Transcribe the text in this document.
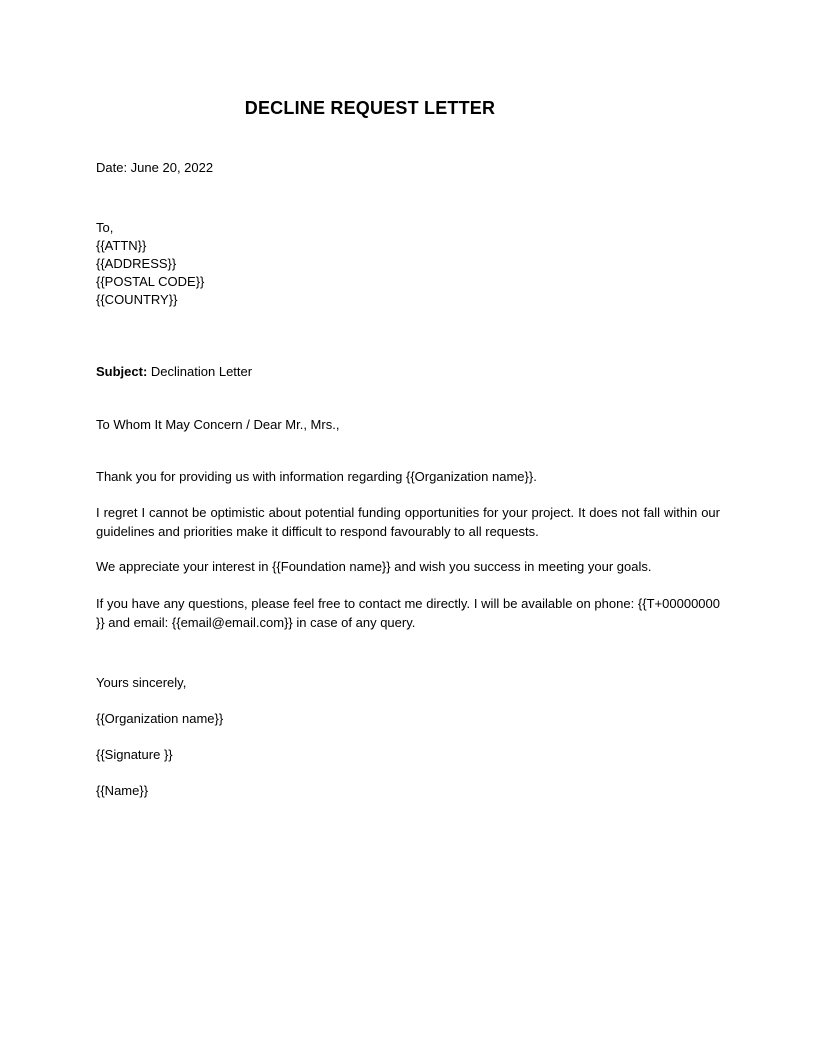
DECLINE REQUEST LETTER
Date: June 20, 2022
To,
{{ATTN}}
{{ADDRESS}}
{{POSTAL CODE}}
{{COUNTRY}}
Subject: Declination Letter
To Whom It May Concern / Dear Mr., Mrs.,
Thank you for providing us with information regarding {{Organization name}}.
I regret I cannot be optimistic about potential funding opportunities for your project. It does not fall within our guidelines and priorities make it difficult to respond favourably to all requests.
We appreciate your interest in {{Foundation name}} and wish you success in meeting your goals.
If you have any questions, please feel free to contact me directly. I will be available on phone: {{T+00000000 }} and email: {{email@email.com}} in case of any query.
Yours sincerely,
{{Organization name}}
{{Signature }}
{{Name}}
